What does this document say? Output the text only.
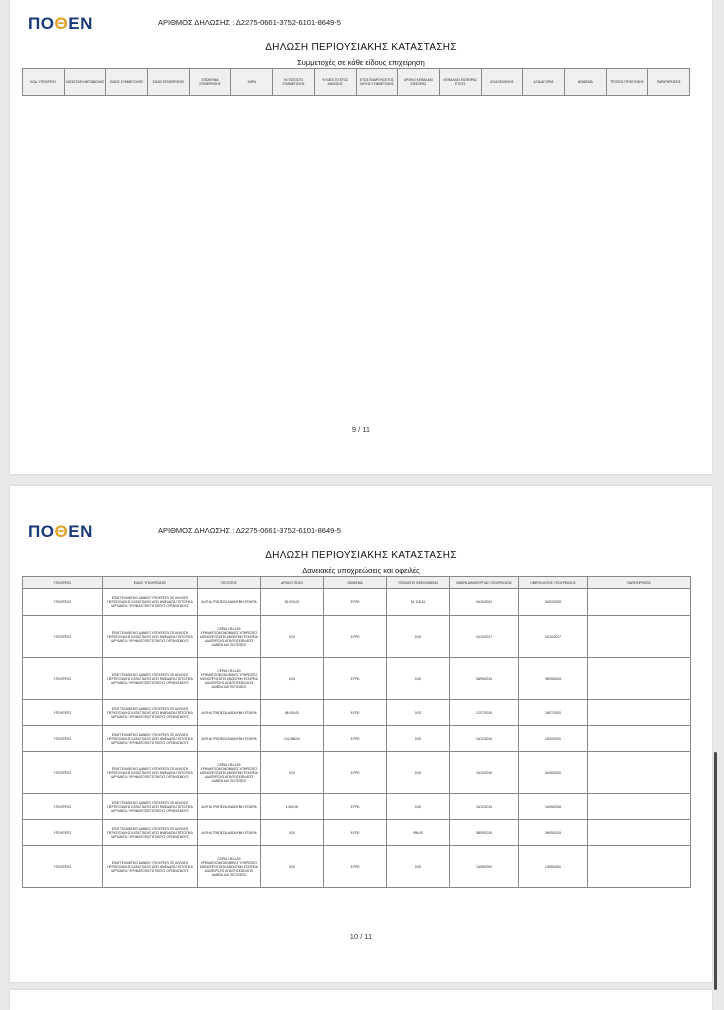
ΠΟΘΕΝ	ΑΡΙΘΜΟΣ ΔΗΛΩΣΗΣ : Δ2275-0661-3752-6101-8649-5
ΔΗΛΩΣΗ ΠΕΡΙΟΥΣΙΑΚΗΣ ΚΑΤΑΣΤΑΣΗΣ
Συμμετοχές σε κάθε είδους επιχείρηση
ΚΩΔ. ΥΠΟΧΡΕΟΥ	ΚΑΤΑΣΤΑΣΗ ΜΕΤΑΒΟΛΗΣ	ΕΙΔΟΣ ΣΥΜΜΕΤΟΧΗΣ	ΕΙΔΟΣ ΕΠΙΧΕΙΡΗΣΗΣ	ΕΠΩΝΥΜΙΑ ΕΠΙΧΕΙΡΗΣΗΣ	ΧΩΡΑ	% ΠΟΣΟΣΤΟ ΣΥΜΜΕΤΟΧΗΣ	% ΚΑΤΑ ΤΟ ΕΤΟΣ ΔΗΛΩΣΗΣ	ΕΤΟΣ ΕΝΑΡΞΗΣ/ΕΤΟΣ ΛΗΞΗΣ ΣΥΜΜΕΤΟΧΗΣ	ΑΡΧΙΚΟ ΚΕΦΑΛΑΙΟ ΕΙΣΦΟΡΑΣ	ΚΕΦΑΛΑΙΟ ΕΙΣΦΟΡΑΣ ΕΤΟΥΣ	ΑΞΙΑ ΠΩΛΗΣΗΣ	ΑΞΙΑ ΑΓΟΡΑΣ	ΝΟΜΙΣΜΑ	ΤΡΟΠΟΣ ΠΡΟΚΤΗΣΗΣ	ΠΑΡΑΤΗΡΗΣΕΙΣ
9 / 11
ΠΟΘΕΝ	ΑΡΙΘΜΟΣ ΔΗΛΩΣΗΣ : Δ2275-0661-3752-6101-8649-5
ΔΗΛΩΣΗ ΠΕΡΙΟΥΣΙΑΚΗΣ ΚΑΤΑΣΤΑΣΗΣ
Δανειακές υποχρεώσεις και οφειλές
ΥΠΟΧΡΕΟΣ	ΕΙΔΟΣ ΥΠΟΧΡΕΩΣΗΣ	ΠΙΣΤΩΤΗΣ	ΑΡΧΙΚΟ ΠΟΣΟ	ΝΟΜΙΣΜΑ	ΥΠΟΛΟΙΠΟ ΟΦΕΙΛΟΜΕΝΟ	ΗΜΕΡΑ ΔΗΜΙΟΥΡΓΙΑΣ ΥΠΟΧΡΕΩΣΗΣ	ΗΜΕΡΑ ΛΗΞΗΣ ΥΠΟΧΡΕΩΣΗΣ	ΠΑΡΑΤΗΡΗΣΕΙΣ
ΥΠΟΧΡΕΟΣ	ΕΠΑΓΓΕΛΜΑΤΙΚΟ ΔΑΝΕΙΟ ΥΠΟΧΡΕΟΥ ΣΕ ΔΗΛΩΣΗ ΠΕΡΙΟΥΣΙΑΚΗΣ ΚΑΤΑΣΤΑΣΗΣ ΑΠΟ ΗΜΕΔΑΠΑ ΠΙΣΤΩΤΙΚΑ ΙΔΡΥΜΑΤΑ / ΧΡΗΜΑΤΟΠΙΣΤΩΤΙΚΟΥΣ ΟΡΓΑΝΙΣΜΟΥΣ	ALPHA ΤΡΑΠΕΖΑ ΑΝΩΝΥΜΗ ΕΤΑΙΡΙΑ	82.000,00	ΕΥΡΩ	51.118,33	04/10/2022	04/02/2028	
ΥΠΟΧΡΕΟΣ	ΕΠΑΓΓΕΛΜΑΤΙΚΟ ΔΑΝΕΙΟ ΥΠΟΧΡΕΟΥ ΣΕ ΔΗΛΩΣΗ ΠΕΡΙΟΥΣΙΑΚΗΣ ΚΑΤΑΣΤΑΣΗΣ ΑΠΟ ΗΜΕΔΑΠΑ ΠΙΣΤΩΤΙΚΑ ΙΔΡΥΜΑΤΑ / ΧΡΗΜΑΤΟΠΙΣΤΩΤΙΚΟΥΣ ΟΡΓΑΝΙΣΜΟΥΣ	CEPAL HELLAS ΧΡΗΜΑΤΟΟΙΚΟΝΟΜΙΚΕΣ ΥΠΗΡΕΣΙΕΣ ΜΟΝΟΠΡΟΣΩΠΗ ΑΝΩΝΥΜΗ ΕΤΑΙΡΕΙΑ ΔΙΑΧΕΙΡΙΣΗΣ ΑΠΑΙΤΗΣΕΩΝ ΑΠΟ ΔΑΝΕΙΑ ΚΑΙ ΠΙΣΤΩΣΕΙΣ	0,00	ΕΥΡΩ	0,00	02/10/2017	02/10/2017	
ΥΠΟΧΡΕΟΣ	ΕΠΑΓΓΕΛΜΑΤΙΚΟ ΔΑΝΕΙΟ ΥΠΟΧΡΕΟΥ ΣΕ ΔΗΛΩΣΗ ΠΕΡΙΟΥΣΙΑΚΗΣ ΚΑΤΑΣΤΑΣΗΣ ΑΠΟ ΗΜΕΔΑΠΑ ΠΙΣΤΩΤΙΚΑ ΙΔΡΥΜΑΤΑ / ΧΡΗΜΑΤΟΠΙΣΤΩΤΙΚΟΥΣ ΟΡΓΑΝΙΣΜΟΥΣ	CEPAL HELLAS ΧΡΗΜΑΤΟΟΙΚΟΝΟΜΙΚΕΣ ΥΠΗΡΕΣΙΕΣ ΜΟΝΟΠΡΟΣΩΠΗ ΑΝΩΝΥΜΗ ΕΤΑΙΡΕΙΑ ΔΙΑΧΕΙΡΙΣΗΣ ΑΠΑΙΤΗΣΕΩΝ ΑΠΟ ΔΑΝΕΙΑ ΚΑΙ ΠΙΣΤΩΣΕΙΣ	0,00	ΕΥΡΩ	0,00	08/05/2015	08/05/2015	
ΥΠΟΧΡΕΟΣ	ΕΠΑΓΓΕΛΜΑΤΙΚΟ ΔΑΝΕΙΟ ΥΠΟΧΡΕΟΥ ΣΕ ΔΗΛΩΣΗ ΠΕΡΙΟΥΣΙΑΚΗΣ ΚΑΤΑΣΤΑΣΗΣ ΑΠΟ ΗΜΕΔΑΠΑ ΠΙΣΤΩΤΙΚΑ ΙΔΡΥΜΑΤΑ / ΧΡΗΜΑΤΟΠΙΣΤΩΤΙΚΟΥΣ ΟΡΓΑΝΙΣΜΟΥΣ	ALPHA ΤΡΑΠΕΖΑ ΑΝΩΝΥΜΗ ΕΤΑΙΡΙΑ	96.000,00	ΕΥΡΩ	0,00	17/07/2015	18/07/2020	
ΥΠΟΧΡΕΟΣ	ΕΠΑΓΓΕΛΜΑΤΙΚΟ ΔΑΝΕΙΟ ΥΠΟΧΡΕΟΥ ΣΕ ΔΗΛΩΣΗ ΠΕΡΙΟΥΣΙΑΚΗΣ ΚΑΤΑΣΤΑΣΗΣ ΑΠΟ ΗΜΕΔΑΠΑ ΠΙΣΤΩΤΙΚΑ ΙΔΡΥΜΑΤΑ / ΧΡΗΜΑΤΟΠΙΣΤΩΤΙΚΟΥΣ ΟΡΓΑΝΙΣΜΟΥΣ	ALPHA ΤΡΑΠΕΖΑ ΑΝΩΝΥΜΗ ΕΤΑΙΡΙΑ	131.986,00	ΕΥΡΩ	0,00	10/12/2015	14/02/2020	
ΥΠΟΧΡΕΟΣ	ΕΠΑΓΓΕΛΜΑΤΙΚΟ ΔΑΝΕΙΟ ΥΠΟΧΡΕΟΥ ΣΕ ΔΗΛΩΣΗ ΠΕΡΙΟΥΣΙΑΚΗΣ ΚΑΤΑΣΤΑΣΗΣ ΑΠΟ ΗΜΕΔΑΠΑ ΠΙΣΤΩΤΙΚΑ ΙΔΡΥΜΑΤΑ / ΧΡΗΜΑΤΟΠΙΣΤΩΤΙΚΟΥΣ ΟΡΓΑΝΙΣΜΟΥΣ	CEPAL HELLAS ΧΡΗΜΑΤΟΟΙΚΟΝΟΜΙΚΕΣ ΥΠΗΡΕΣΙΕΣ ΜΟΝΟΠΡΟΣΩΠΗ ΑΝΩΝΥΜΗ ΕΤΑΙΡΕΙΑ ΔΙΑΧΕΙΡΙΣΗΣ ΑΠΑΙΤΗΣΕΩΝ ΑΠΟ ΔΑΝΕΙΑ ΚΑΙ ΠΙΣΤΩΣΕΙΣ	0,00	ΕΥΡΩ	0,00	10/10/2015	04/06/2020	
ΥΠΟΧΡΕΟΣ	ΕΠΑΓΓΕΛΜΑΤΙΚΟ ΔΑΝΕΙΟ ΥΠΟΧΡΕΟΥ ΣΕ ΔΗΛΩΣΗ ΠΕΡΙΟΥΣΙΑΚΗΣ ΚΑΤΑΣΤΑΣΗΣ ΑΠΟ ΗΜΕΔΑΠΑ ΠΙΣΤΩΤΙΚΑ ΙΔΡΥΜΑΤΑ / ΧΡΗΜΑΤΟΠΙΣΤΩΤΙΚΟΥΣ ΟΡΓΑΝΙΣΜΟΥΣ	ALPHA ΤΡΑΠΕΖΑ ΑΝΩΝΥΜΗ ΕΤΑΙΡΙΑ	1.600,00	ΕΥΡΩ	0,00	10/12/2015	14/06/2016	
ΥΠΟΧΡΕΟΣ	ΕΠΑΓΓΕΛΜΑΤΙΚΟ ΔΑΝΕΙΟ ΥΠΟΧΡΕΟΥ ΣΕ ΔΗΛΩΣΗ ΠΕΡΙΟΥΣΙΑΚΗΣ ΚΑΤΑΣΤΑΣΗΣ ΑΠΟ ΗΜΕΔΑΠΑ ΠΙΣΤΩΤΙΚΑ ΙΔΡΥΜΑΤΑ / ΧΡΗΜΑΤΟΠΙΣΤΩΤΙΚΟΥΣ ΟΡΓΑΝΙΣΜΟΥΣ	ALPHA ΤΡΑΠΕΖΑ ΑΝΩΝΥΜΗ ΕΤΑΙΡΙΑ	0,00	ΕΥΡΩ	996,09	08/05/2015	08/05/2015	
ΥΠΟΧΡΕΟΣ	ΕΠΑΓΓΕΛΜΑΤΙΚΟ ΔΑΝΕΙΟ ΥΠΟΧΡΕΟΥ ΣΕ ΔΗΛΩΣΗ ΠΕΡΙΟΥΣΙΑΚΗΣ ΚΑΤΑΣΤΑΣΗΣ ΑΠΟ ΗΜΕΔΑΠΑ ΠΙΣΤΩΤΙΚΑ ΙΔΡΥΜΑΤΑ / ΧΡΗΜΑΤΟΠΙΣΤΩΤΙΚΟΥΣ ΟΡΓΑΝΙΣΜΟΥΣ	CEPAL HELLAS ΧΡΗΜΑΤΟΟΙΚΟΝΟΜΙΚΕΣ ΥΠΗΡΕΣΙΕΣ ΜΟΝΟΠΡΟΣΩΠΗ ΑΝΩΝΥΜΗ ΕΤΑΙΡΕΙΑ ΔΙΑΧΕΙΡΙΣΗΣ ΑΠΑΙΤΗΣΕΩΝ ΑΠΟ ΔΑΝΕΙΑ ΚΑΙ ΠΙΣΤΩΣΕΙΣ	0,00	ΕΥΡΩ	0,00	13/08/2020	13/08/2020	
10 / 11
